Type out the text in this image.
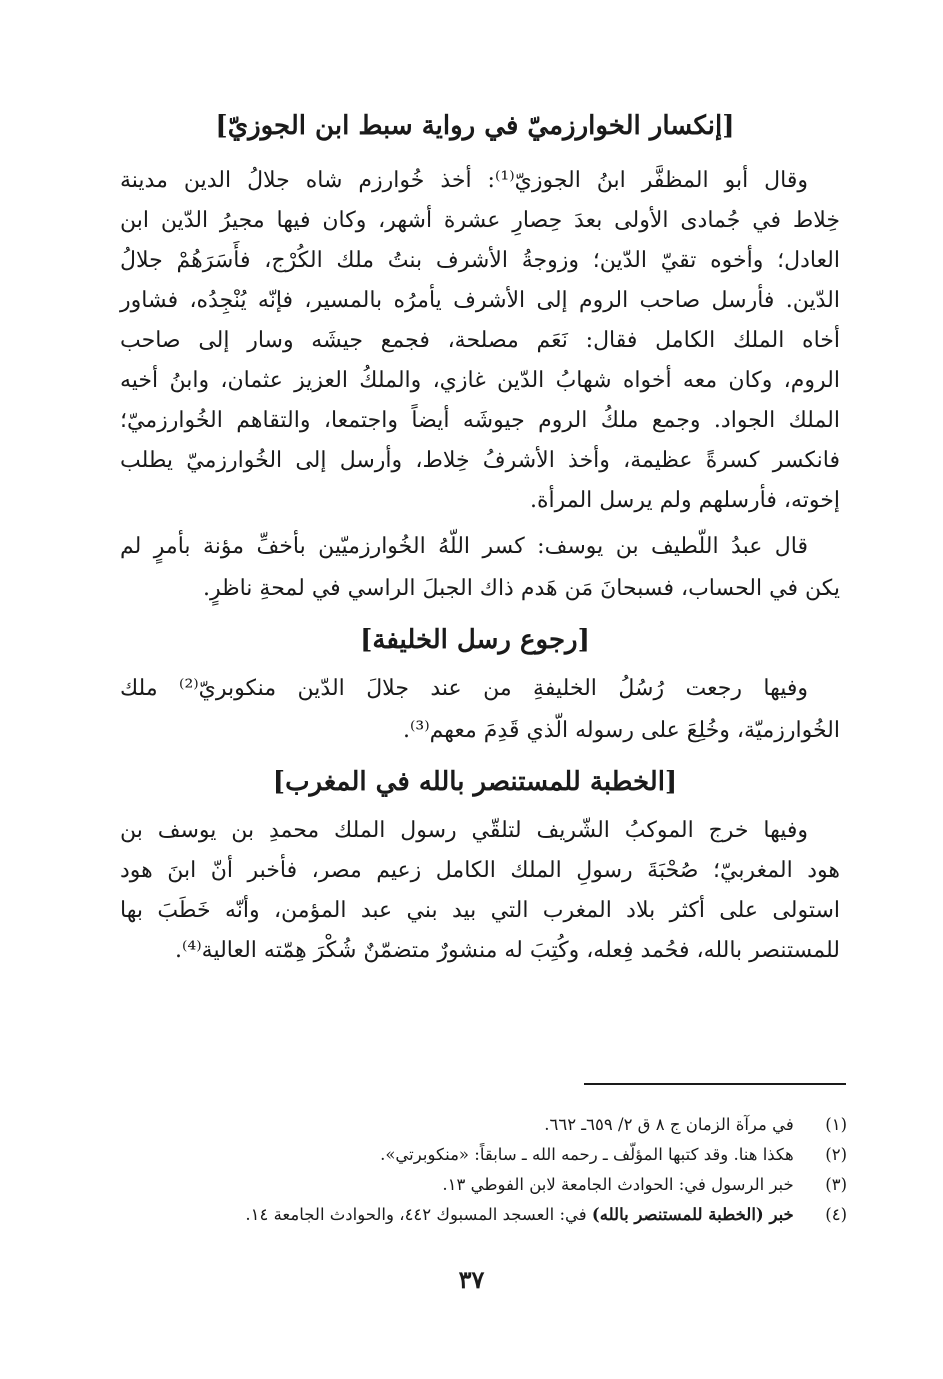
[إنكسار الخوارزميّ في رواية سبط ابن الجوزيّ]
وقال أبو المظفَّر ابنُ الجوزيّ⁽¹⁾: أخذ خُوارزم شاه جلالُ الدين مدينة
خِلاط في جُمادى الأولى بعدَ حِصارِ عشرة أشهر، وكان فيها مجيرُ الدّين ابن
العادل؛ وأخوه تقيّ الدّين؛ وزوجةُ الأشرف بنتُ ملك الكُرْج، فأَسَرَهُمْ جلالُ
الدّين. فأرسل صاحب الروم إلى الأشرف يأمرُه بالمسير، فإنّه يُنْجِدُه، فشاور
أخاه الملك الكامل فقال: نَعَم مصلحة، فجمع جيشَه وسار إلى صاحب
الروم، وكان معه أخواه شهابُ الدّين غازي، والملكُ العزيز عثمان، وابنُ أخيه
الملك الجواد. وجمع ملكُ الروم جيوشَه أيضاً واجتمعا، والتقاهم الخُوارزميّ؛
فانكسر كسرةً عظيمة، وأخذ الأشرفُ خِلاط، وأرسل إلى الخُوارزميّ يطلب
إخوته، فأرسلهم ولم يرسل المرأة.
قال عبدُ اللّطيف بن يوسف: كسر اللّهُ الخُوارزميّين بأخفِّ مؤنة بأمرٍ لم
يكن في الحساب، فسبحانَ مَن هَدم ذاك الجبلَ الراسي في لمحةِ ناظرٍ.
[رجوع رسل الخليفة]
وفيها رجعت رُسُلُ الخليفةِ من عند جلالَ الدّين منكوبريّ⁽²⁾ ملك
الخُوارزميّة، وخُلِعَ على رسوله الّذي قَدِمَ معهم⁽³⁾.
[الخطبة للمستنصر بالله في المغرب]
وفيها خرج الموكبُ الشّريف لتلقّي رسول الملك محمدِ بن يوسف بن
هود المغربيّ؛ صُحْبَةَ رسولِ الملك الكامل زعيم مصر، فأخبر أنّ ابنَ هود
استولى على أكثر بلاد المغرب التي بيد بني عبد المؤمن، وأنّه خَطَبَ بها
للمستنصر بالله، فحُمد فِعله، وكُتِبَ له منشورٌ متضمّنٌ شُكْرَ هِمّته العالية⁽⁴⁾.
(١) في مرآة الزمان ج ٨ ق ٢/ ٦٥٩ـ ٦٦٢.
(٢) هكذا هنا. وقد كتبها المؤلّف ـ رحمه الله ـ سابقاً: «منكوبرتي».
(٣) خبر الرسول في: الحوادث الجامعة لابن الفوطي ١٣.
(٤) خبر (الخطبة للمستنصر بالله) في: العسجد المسبوك ٤٤٢، والحوادث الجامعة ١٤.
٣٧
